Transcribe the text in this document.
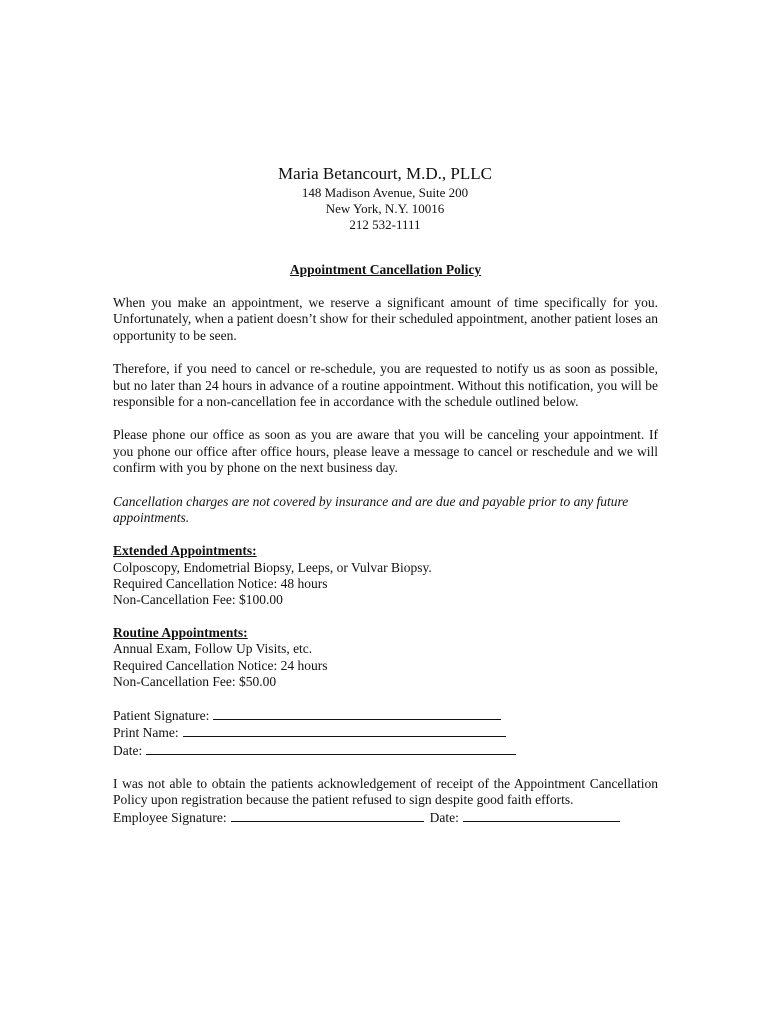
Maria Betancourt, M.D., PLLC
148 Madison Avenue, Suite 200
New York, N.Y. 10016
212 532-1111
Appointment Cancellation Policy

When you make an appointment, we reserve a significant amount of time specifically for you. Unfortunately, when a patient doesn’t show for their scheduled appointment, another patient loses an opportunity to be seen.

Therefore, if you need to cancel or re-schedule, you are requested to notify us as soon as possible, but no later than 24 hours in advance of a routine appointment. Without this notification, you will be responsible for a non-cancellation fee in accordance with the schedule outlined below.

Please phone our office as soon as you are aware that you will be canceling your appointment. If you phone our office after office hours, please leave a message to cancel or reschedule and we will confirm with you by phone on the next business day.

Cancellation charges are not covered by insurance and are due and payable prior to any future appointments.

Extended Appointments:
Colposcopy, Endometrial Biopsy, Leeps, or Vulvar Biopsy.
Required Cancellation Notice: 48 hours
Non-Cancellation Fee: $100.00
Routine Appointments:
Annual Exam, Follow Up Visits, etc.
Required Cancellation Notice: 24 hours
Non-Cancellation Fee: $50.00
Patient Signature:
Print Name:
Date:

I was not able to obtain the patients acknowledgement of receipt of the Appointment Cancellation Policy upon registration because the patient refused to sign despite good faith efforts.

Employee Signature:	Date:
